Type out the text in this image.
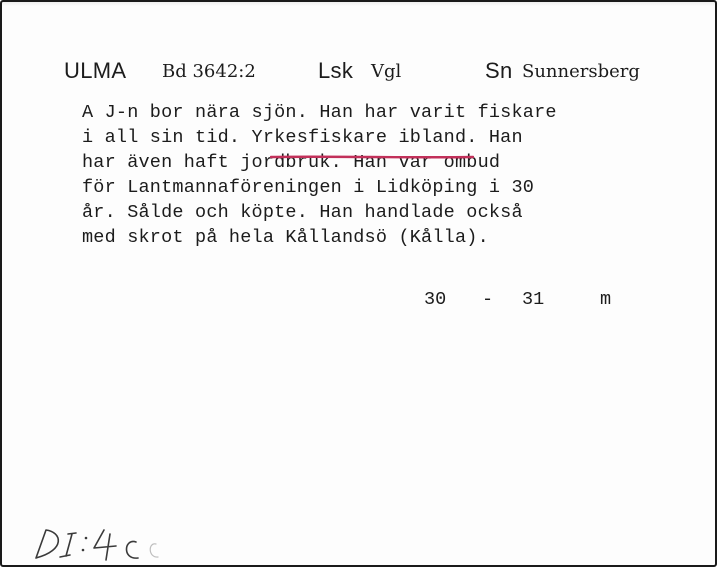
ULMA Bd 3642:2	Lsk Vgl	Sn Sunnersberg
A J-n bor nära sjön. Han har varit fiskare
i all sin tid. Yrkesfiskare ibland. Han
har även haft jordbruk. Han var ombud
för Lantmannaföreningen i Lidköping i 30
år. Sålde och köpte. Han handlade också
med skrot på hela Kållandsö (Kålla).
30 - 31	m
